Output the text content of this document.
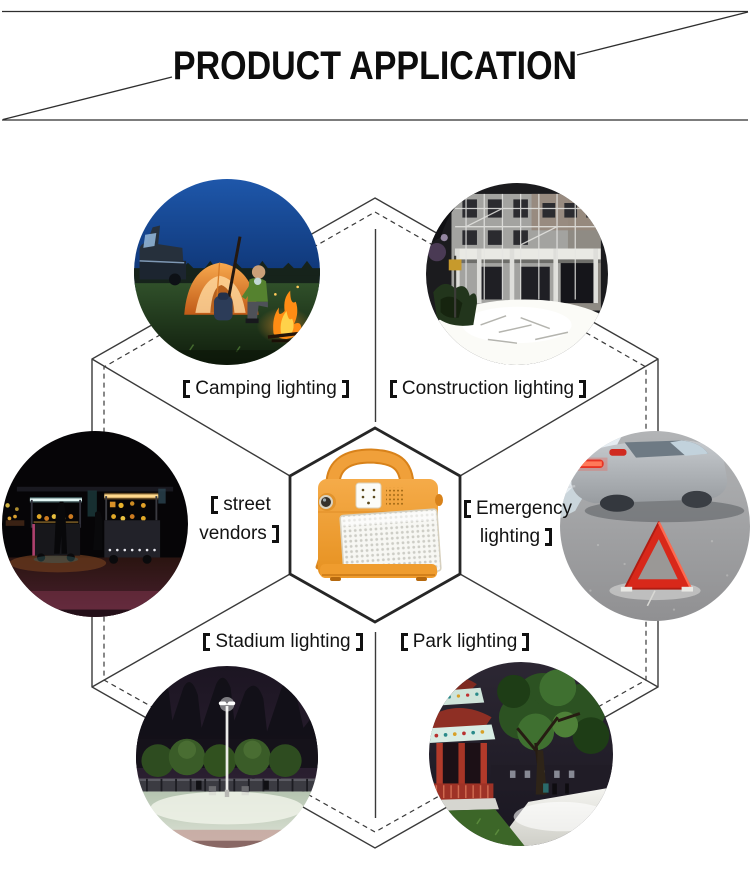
PRODUCT APPLICATION
Camping lighting	Construction lighting
street
vendors
Emergency
lighting
Stadium lighting	Park lighting
